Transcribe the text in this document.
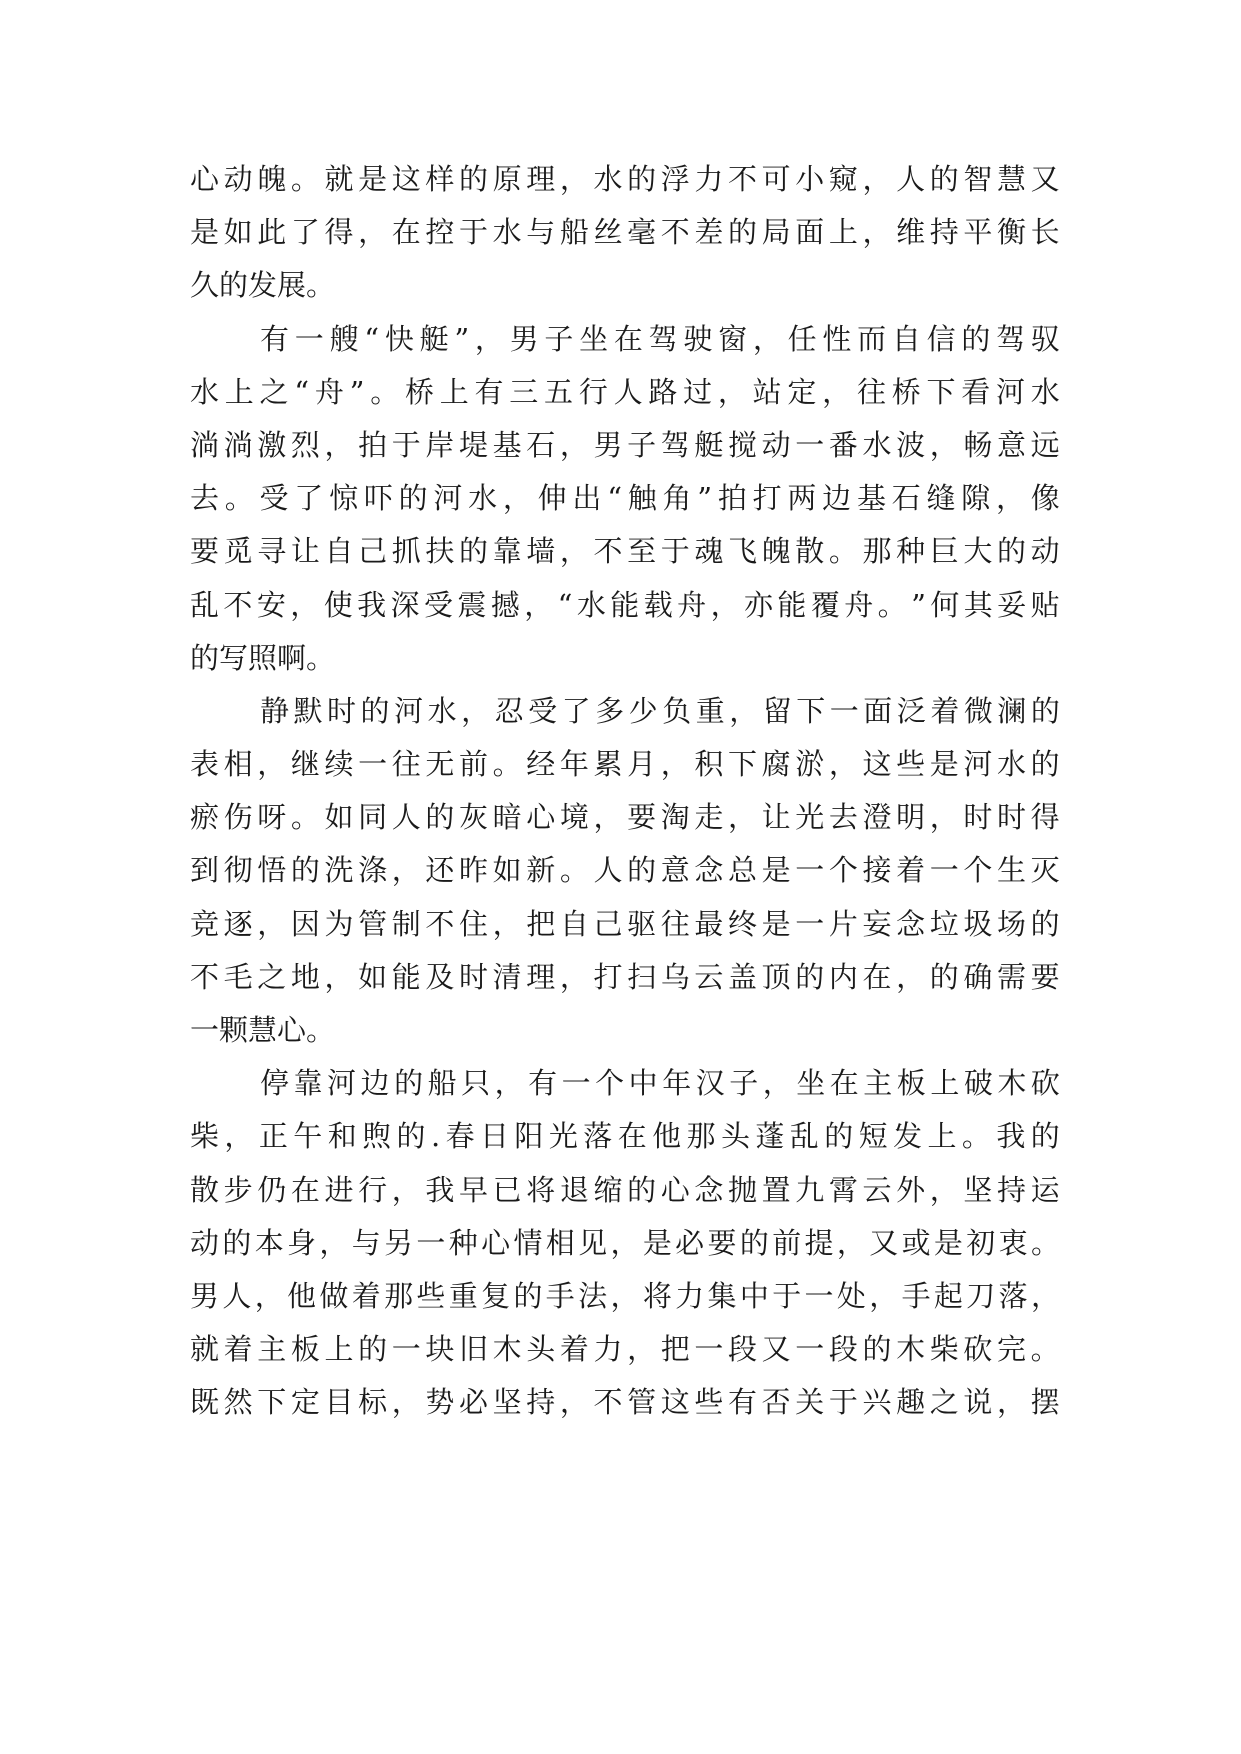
心 动 魄 。 就 是 这 样 的 原 理 ， 水 的 浮 力 不 可 小 窥 ， 人 的 智 慧 又
是 如 此 了 得 ， 在 控 于 水 与 船 丝 毫 不 差 的 局 面 上 ， 维 持 平 衡 长
久的发展。
有 一 艘 “ 快 艇 ” ， 男 子 坐 在 驾 驶 窗 ， 任 性 而 自 信 的 驾 驭
水 上 之 “ 舟 ” 。 桥 上 有 三 五 行 人 路 过 ， 站 定 ， 往 桥 下 看 河 水
淌 淌 激 烈 ， 拍 于 岸 堤 基 石 ， 男 子 驾 艇 搅 动 一 番 水 波 ， 畅 意 远
去 。 受 了 惊 吓 的 河 水 ， 伸 出 “ 触 角 ” 拍 打 两 边 基 石 缝 隙 ， 像
要 觅 寻 让 自 己 抓 扶 的 靠 墙 ， 不 至 于 魂 飞 魄 散 。 那 种 巨 大 的 动
乱 不 安 ， 使 我 深 受 震 撼 ， “ 水 能 载 舟 ， 亦 能 覆 舟 。 ” 何 其 妥 贴
的写照啊。
静 默 时 的 河 水 ， 忍 受 了 多 少 负 重 ， 留 下 一 面 泛 着 微 澜 的
表 相 ， 继 续 一 往 无 前 。 经 年 累 月 ， 积 下 腐 淤 ， 这 些 是 河 水 的
瘀 伤 呀 。 如 同 人 的 灰 暗 心 境 ， 要 淘 走 ， 让 光 去 澄 明 ， 时 时 得
到 彻 悟 的 洗 涤 ， 还 昨 如 新 。 人 的 意 念 总 是 一 个 接 着 一 个 生 灭
竞 逐 ， 因 为 管 制 不 住 ， 把 自 己 驱 往 最 终 是 一 片 妄 念 垃 圾 场 的
不 毛 之 地 ， 如 能 及 时 清 理 ， 打 扫 乌 云 盖 顶 的 内 在 ， 的 确 需 要
一颗慧心。
停 靠 河 边 的 船 只 ， 有 一 个 中 年 汉 子 ， 坐 在 主 板 上 破 木 砍
柴 ， 正 午 和 煦 的 . 春 日 阳 光 落 在 他 那 头 蓬 乱 的 短 发 上 。 我 的
散 步 仍 在 进 行 ， 我 早 已 将 退 缩 的 心 念 抛 置 九 霄 云 外 ， 坚 持 运
动 的 本 身 ， 与 另 一 种 心 情 相 见 ， 是 必 要 的 前 提 ， 又 或 是 初 衷 。
男 人 ， 他 做 着 那 些 重 复 的 手 法 ， 将 力 集 中 于 一 处 ， 手 起 刀 落 ，
就 着 主 板 上 的 一 块 旧 木 头 着 力 ， 把 一 段 又 一 段 的 木 柴 砍 完 。
既 然 下 定 目 标 ， 势 必 坚 持 ， 不 管 这 些 有 否 关 于 兴 趣 之 说 ， 摆
